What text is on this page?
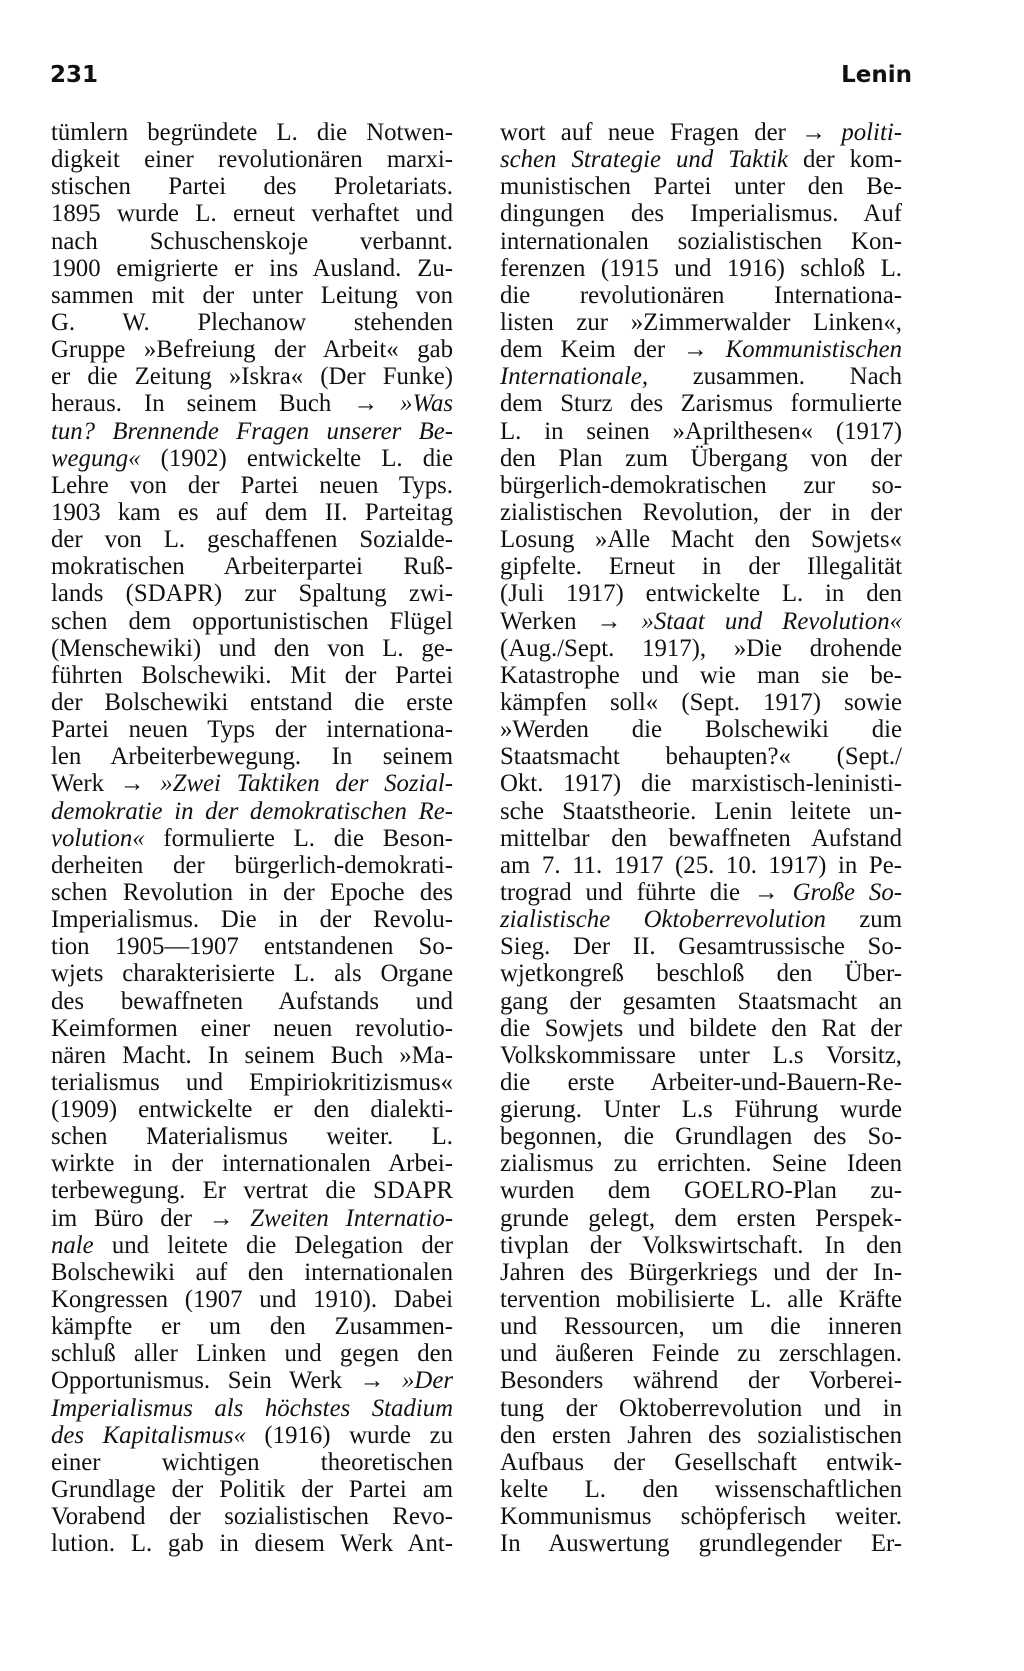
231	Lenin
tümlern begründete L. die Notwen-
digkeit einer revolutionären marxi-
stischen Partei des Proletariats.
1895 wurde L. erneut verhaftet und
nach Schuschenskoje verbannt.
1900 emigrierte er ins Ausland. Zu-
sammen mit der unter Leitung von
G. W. Plechanow stehenden
Gruppe »Befreiung der Arbeit« gab
er die Zeitung »Iskra« (Der Funke)
heraus. In seinem Buch → »Was
tun? Brennende Fragen unserer Be-
wegung« (1902) entwickelte L. die
Lehre von der Partei neuen Typs.
1903 kam es auf dem II. Parteitag
der von L. geschaffenen Sozialde-
mokratischen Arbeiterpartei Ruß-
lands (SDAPR) zur Spaltung zwi-
schen dem opportunistischen Flügel
(Menschewiki) und den von L. ge-
führten Bolschewiki. Mit der Partei
der Bolschewiki entstand die erste
Partei neuen Typs der internationa-
len Arbeiterbewegung. In seinem
Werk → »Zwei Taktiken der Sozial-
demokratie in der demokratischen Re-
volution« formulierte L. die Beson-
derheiten der bürgerlich-demokrati-
schen Revolution in der Epoche des
Imperialismus. Die in der Revolu-
tion 1905—1907 entstandenen So-
wjets charakterisierte L. als Organe
des bewaffneten Aufstands und
Keimformen einer neuen revolutio-
nären Macht. In seinem Buch »Ma-
terialismus und Empiriokritizismus«
(1909) entwickelte er den dialekti-
schen Materialismus weiter. L.
wirkte in der internationalen Arbei-
terbewegung. Er vertrat die SDAPR
im Büro der → Zweiten Internatio-
nale und leitete die Delegation der
Bolschewiki auf den internationalen
Kongressen (1907 und 1910). Dabei
kämpfte er um den Zusammen-
schluß aller Linken und gegen den
Opportunismus. Sein Werk → »Der
Imperialismus als höchstes Stadium
des Kapitalismus« (1916) wurde zu
einer wichtigen theoretischen
Grundlage der Politik der Partei am
Vorabend der sozialistischen Revo-
lution. L. gab in diesem Werk Ant-
wort auf neue Fragen der → politi-
schen Strategie und Taktik der kom-
munistischen Partei unter den Be-
dingungen des Imperialismus. Auf
internationalen sozialistischen Kon-
ferenzen (1915 und 1916) schloß L.
die revolutionären Internationa-
listen zur »Zimmerwalder Linken«,
dem Keim der → Kommunistischen
Internationale, zusammen. Nach
dem Sturz des Zarismus formulierte
L. in seinen »Aprilthesen« (1917)
den Plan zum Übergang von der
bürgerlich-demokratischen zur so-
zialistischen Revolution, der in der
Losung »Alle Macht den Sowjets«
gipfelte. Erneut in der Illegalität
(Juli 1917) entwickelte L. in den
Werken → »Staat und Revolution«
(Aug./Sept. 1917), »Die drohende
Katastrophe und wie man sie be-
kämpfen soll« (Sept. 1917) sowie
»Werden die Bolschewiki die
Staatsmacht behaupten?« (Sept./
Okt. 1917) die marxistisch-leninisti-
sche Staatstheorie. Lenin leitete un-
mittelbar den bewaffneten Aufstand
am 7. 11. 1917 (25. 10. 1917) in Pe-
trograd und führte die → Große So-
zialistische Oktoberrevolution zum
Sieg. Der II. Gesamtrussische So-
wjetkongreß beschloß den Über-
gang der gesamten Staatsmacht an
die Sowjets und bildete den Rat der
Volkskommissare unter L.s Vorsitz,
die erste Arbeiter-und-Bauern-Re-
gierung. Unter L.s Führung wurde
begonnen, die Grundlagen des So-
zialismus zu errichten. Seine Ideen
wurden dem GOELRO-Plan zu-
grunde gelegt, dem ersten Perspek-
tivplan der Volkswirtschaft. In den
Jahren des Bürgerkriegs und der In-
tervention mobilisierte L. alle Kräfte
und Ressourcen, um die inneren
und äußeren Feinde zu zerschlagen.
Besonders während der Vorberei-
tung der Oktoberrevolution und in
den ersten Jahren des sozialistischen
Aufbaus der Gesellschaft entwik-
kelte L. den wissenschaftlichen
Kommunismus schöpferisch weiter.
In Auswertung grundlegender Er-
